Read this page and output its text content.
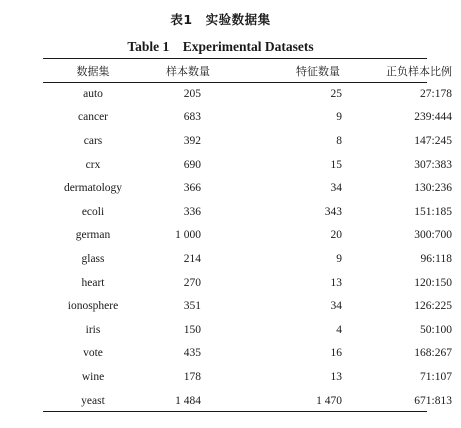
表1　实验数据集
Table 1　Experimental Datasets
数据集	样本数量	特征数量	正负样本比例
auto	205	25	27:178
cancer	683	9	239:444
cars	392	8	147:245
crx	690	15	307:383
dermatology	366	34	130:236
ecoli	336	343	151:185
german	1 000	20	300:700
glass	214	9	96:118
heart	270	13	120:150
ionosphere	351	34	126:225
iris	150	4	50:100
vote	435	16	168:267
wine	178	13	71:107
yeast	1 484	1 470	671:813
